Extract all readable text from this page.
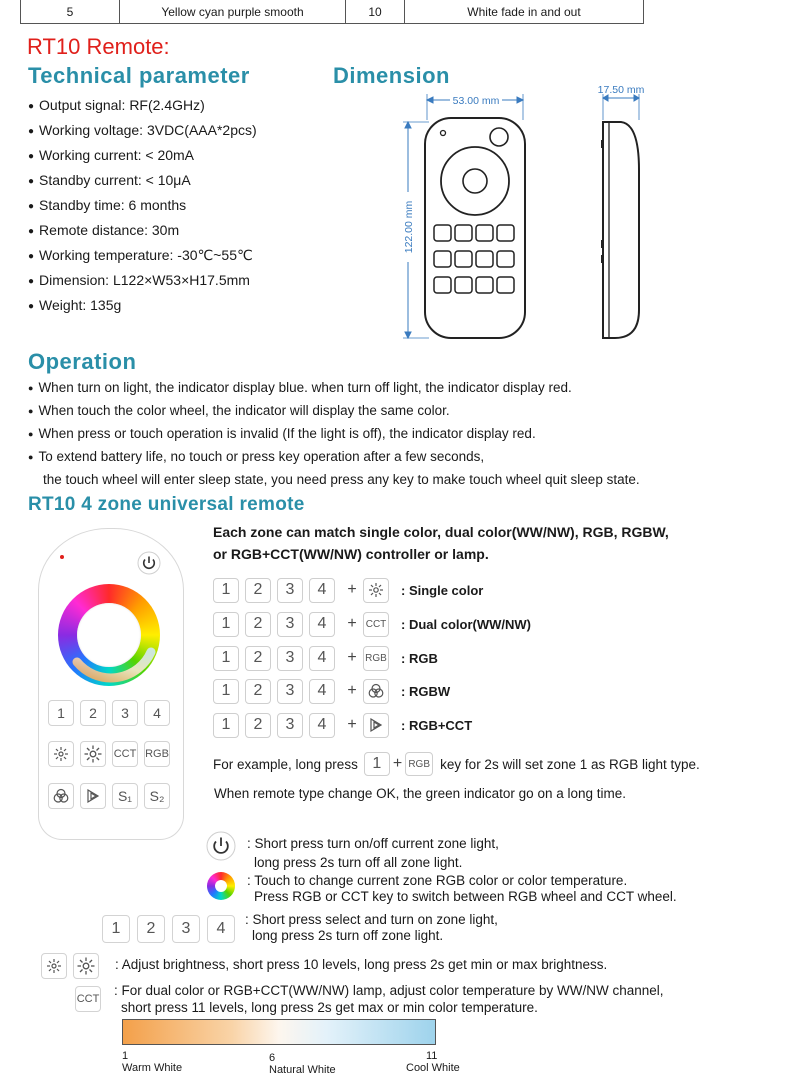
5	Yellow cyan purple smooth	10	White fade in and out
RT10 Remote:
Technical parameter	Dimension
● Output signal: RF(2.4GHz)
● Working voltage: 3VDC(AAA*2pcs)
● Working current: < 20mA
● Standby current: < 10μA
● Standby time: 6 months
● Remote distance: 30m
● Working temperature: -30℃~55℃
● Dimension: L122×W53×H17.5mm
● Weight: 135g
53.00 mm
122.00 mm
17.50 mm
Operation
● When turn on light, the indicator display blue. when turn off light, the indicator display red.
● When touch the color wheel, the indicator will display the same color.
● When press or touch operation is invalid (If the light is off), the indicator display red.
● To extend battery life, no touch or press key operation after a few seconds,
the touch wheel will enter sleep state, you need press any key to make touch wheel quit sleep state.
RT10 4 zone universal remote
1	2	3	4
CCT RGB
S₁	S₂
Each zone can match single color, dual color(WW/NW), RGB, RGBW,
or RGB+CCT(WW/NW) controller or lamp.
1	2	3	4	+	: Single color
1	2	3	4	+ CCT : Dual color(WW/NW)
1	2	3	4	+ RGB : RGB
1	2	3	4	+	: RGBW
1	2	3	4	+	: RGB+CCT
For example, long press 1 + RGB key for 2s will set zone 1 as RGB light type.
When remote type change OK, the green indicator go on a long time.
: Short press turn on/off current zone light,
long press 2s turn off all zone light.
: Touch to change current zone RGB color or color temperature.
Press RGB or CCT key to switch between RGB wheel and CCT wheel.
1	2	3	4
: Short press select and turn on zone light,
long press 2s turn off zone light.
: Adjust brightness, short press 10 levels, long press 2s get min or max brightness.
CCT
: For dual color or RGB+CCT(WW/NW) lamp, adjust color temperature by WW/NW channel,
short press 11 levels, long press 2s get max or min color temperature.
1
Warm White
6
Natural White
11
Cool White
